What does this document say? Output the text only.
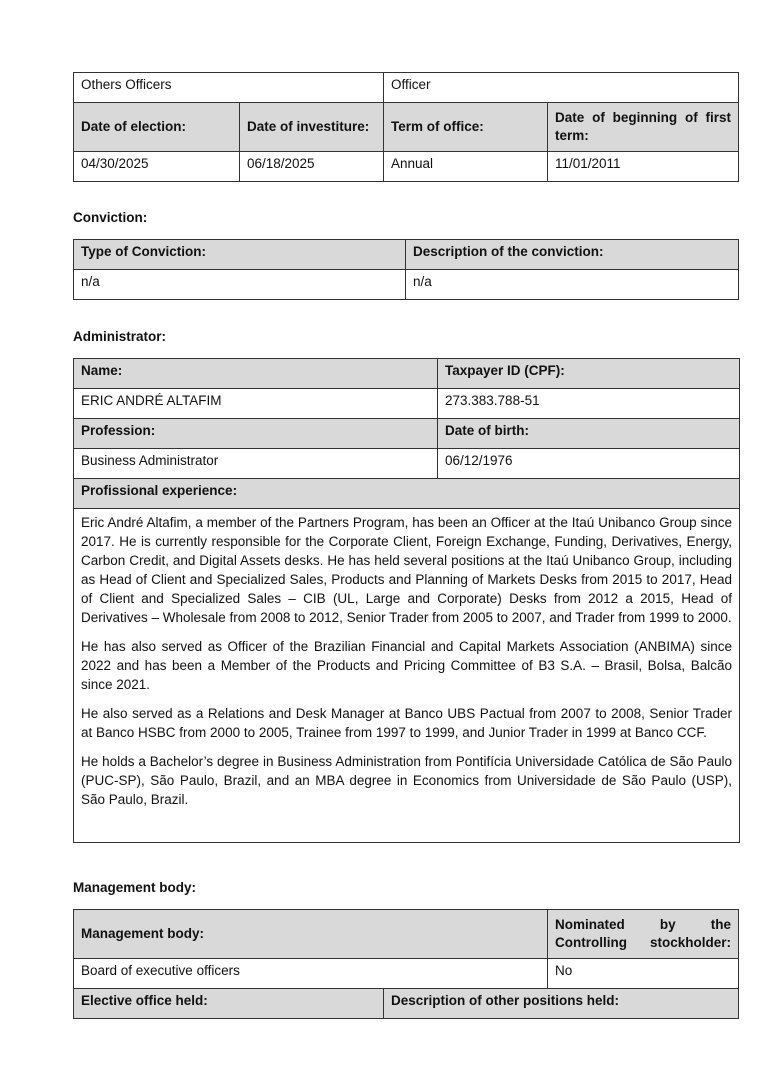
Others Officers		Officer	
Date of election:	Date of investiture:	Term of office:	Date of beginning of first term:
04/30/2025	06/18/2025	Annual	11/01/2011
Conviction:
Type of Conviction:	Description of the conviction:
n/a	n/a
Administrator:
Name:	Taxpayer ID (CPF):
ERIC ANDRÉ ALTAFIM	273.383.788-51
Profession:	Date of birth:
Business Administrator	06/12/1976
Profissional experience:	

Eric André Altafim, a member of the Partners Program, has been an Officer at the Itaú Unibanco Group since 2017. He is currently responsible for the Corporate Client, Foreign Exchange, Funding, Derivatives, Energy, Carbon Credit, and Digital Assets desks. He has held several positions at the Itaú Unibanco Group, including as Head of Client and Specialized Sales, Products and Planning of Markets Desks from 2015 to 2017, Head of Client and Specialized Sales – CIB (UL, Large and Corporate) Desks from 2012 a 2015, Head of Derivatives – Wholesale from 2008 to 2012, Senior Trader from 2005 to 2007, and Trader from 1999 to 2000.

He has also served as Officer of the Brazilian Financial and Capital Markets Association (ANBIMA) since 2022 and has been a Member of the Products and Pricing Committee of B3 S.A. – Brasil, Bolsa, Balcão since 2021.

He also served as a Relations and Desk Manager at Banco UBS Pactual from 2007 to 2008, Senior Trader at Banco HSBC from 2000 to 2005, Trainee from 1997 to 1999, and Junior Trader in 1999 at Banco CCF.

He holds a Bachelor’s degree in Business Administration from Pontifícia Universidade Católica de São Paulo (PUC-SP), São Paulo, Brazil, and an MBA degree in Economics from Universidade de São Paulo (USP), São Paulo, Brazil.	

Management body:
Management body:		Nominated by the Controlling stockholder:
Board of executive officers		No
Elective office held:	Description of other positions held:	
